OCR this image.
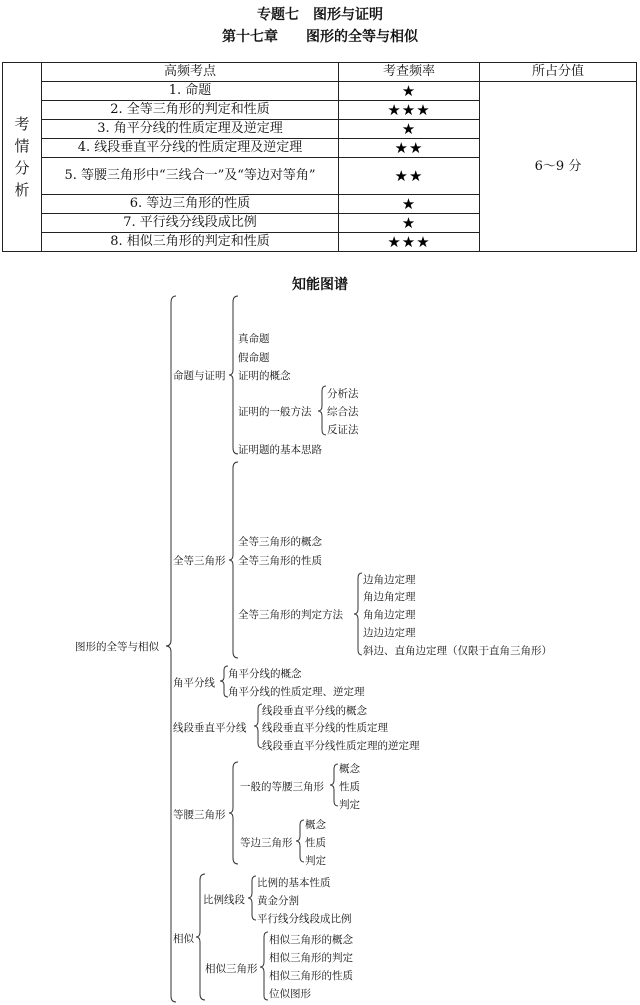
专题七　图形与证明
第十七章　　图形的全等与相似
考
情
分
析	高频考点	考查频率	所占分值
	1. 命题	★	6～9 分
	2. 全等三角形的判定和性质	★★★	
	3. 角平分线的性质定理及逆定理	★	
	4. 线段垂直平分线的性质定理及逆定理	★★	
	5. 等腰三角形中“三线合一”及“等边对等角”	★★	
	6. 等边三角形的性质	★	
	7. 平行线分线段成比例	★	
	8. 相似三角形的判定和性质	★★★	
知能图谱
图形的全等与相似
命题与证明
真命题
假命题
证明的概念
证明的一般方法
分析法
综合法
反证法
证明题的基本思路
全等三角形
全等三角形的概念
全等三角形的性质
全等三角形的判定方法
边角边定理
角边角定理
角角边定理
边边边定理
斜边、直角边定理（仅限于直角三角形）
角平分线
角平分线的概念
角平分线的性质定理、逆定理
线段垂直平分线
线段垂直平分线的概念
线段垂直平分线的性质定理
线段垂直平分线性质定理的逆定理
等腰三角形
一般的等腰三角形
概念
性质
判定
等边三角形
概念
性质
判定
相似
比例线段
比例的基本性质
黄金分割
平行线分线段成比例
相似三角形
相似三角形的概念
相似三角形的判定
相似三角形的性质
位似图形
